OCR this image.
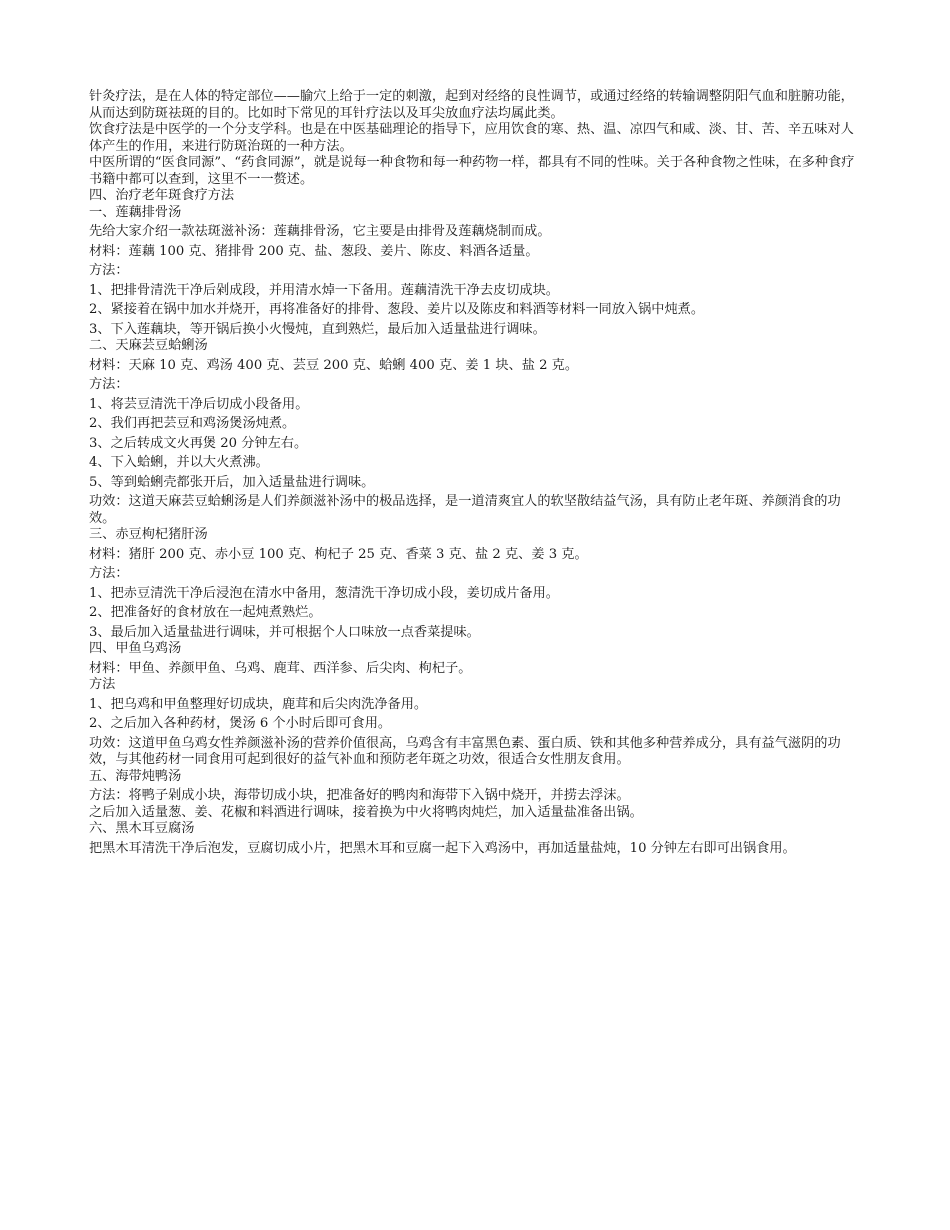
针灸疗法，是在人体的特定部位——腧穴上给于一定的刺激，起到对经络的良性调节，或通过经络的转输调整阴阳气血和脏腑功能，从而达到防斑祛斑的目的。比如时下常见的耳针疗法以及耳尖放血疗法均属此类。

饮食疗法是中医学的一个分支学科。也是在中医基础理论的指导下，应用饮食的寒、热、温、凉四气和咸、淡、甘、苦、辛五味对人体产生的作用，来进行防斑治斑的一种方法。

中医所谓的“医食同源”、“药食同源”，就是说每一种食物和每一种药物一样，都具有不同的性味。关于各种食物之性味，在多种食疗书籍中都可以查到，这里不一一赘述。

四、治疗老年斑食疗方法

一、莲藕排骨汤

先给大家介绍一款祛斑滋补汤：莲藕排骨汤，它主要是由排骨及莲藕烧制而成。

材料：莲藕 100 克、猪排骨 200 克、盐、葱段、姜片、陈皮、料酒各适量。

方法：

1、把排骨清洗干净后剁成段，并用清水焯一下备用。莲藕清洗干净去皮切成块。

2、紧接着在锅中加水并烧开，再将准备好的排骨、葱段、姜片以及陈皮和料酒等材料一同放入锅中炖煮。

3、下入莲藕块，等开锅后换小火慢炖，直到熟烂，最后加入适量盐进行调味。

二、天麻芸豆蛤蜊汤

材料：天麻 10 克、鸡汤 400 克、芸豆 200 克、蛤蜊 400 克、姜 1 块、盐 2 克。

方法：

1、将芸豆清洗干净后切成小段备用。

2、我们再把芸豆和鸡汤煲汤炖煮。

3、之后转成文火再煲 20 分钟左右。

4、下入蛤蜊，并以大火煮沸。

5、等到蛤蜊壳都张开后，加入适量盐进行调味。

功效：这道天麻芸豆蛤蜊汤是人们养颜滋补汤中的极品选择，是一道清爽宜人的软坚散结益气汤，具有防止老年斑、养颜消食的功效。

三、赤豆枸杞猪肝汤

材料：猪肝 200 克、赤小豆 100 克、枸杞子 25 克、香菜 3 克、盐 2 克、姜 3 克。

方法：

1、把赤豆清洗干净后浸泡在清水中备用，葱清洗干净切成小段，姜切成片备用。

2、把准备好的食材放在一起炖煮熟烂。

3、最后加入适量盐进行调味，并可根据个人口味放一点香菜提味。

四、甲鱼乌鸡汤

材料：甲鱼、养颜甲鱼、乌鸡、鹿茸、西洋参、后尖肉、枸杞子。

方法

1、把乌鸡和甲鱼整理好切成块，鹿茸和后尖肉洗净备用。

2、之后加入各种药材，煲汤 6 个小时后即可食用。

功效：这道甲鱼乌鸡女性养颜滋补汤的营养价值很高，乌鸡含有丰富黑色素、蛋白质、铁和其他多种营养成分，具有益气滋阴的功效，与其他药材一同食用可起到很好的益气补血和预防老年斑之功效，很适合女性朋友食用。

五、海带炖鸭汤

方法：将鸭子剁成小块，海带切成小块，把准备好的鸭肉和海带下入锅中烧开，并捞去浮沫。

之后加入适量葱、姜、花椒和料酒进行调味，接着换为中火将鸭肉炖烂，加入适量盐准备出锅。

六、黑木耳豆腐汤

把黑木耳清洗干净后泡发，豆腐切成小片，把黑木耳和豆腐一起下入鸡汤中，再加适量盐炖，10 分钟左右即可出锅食用。
